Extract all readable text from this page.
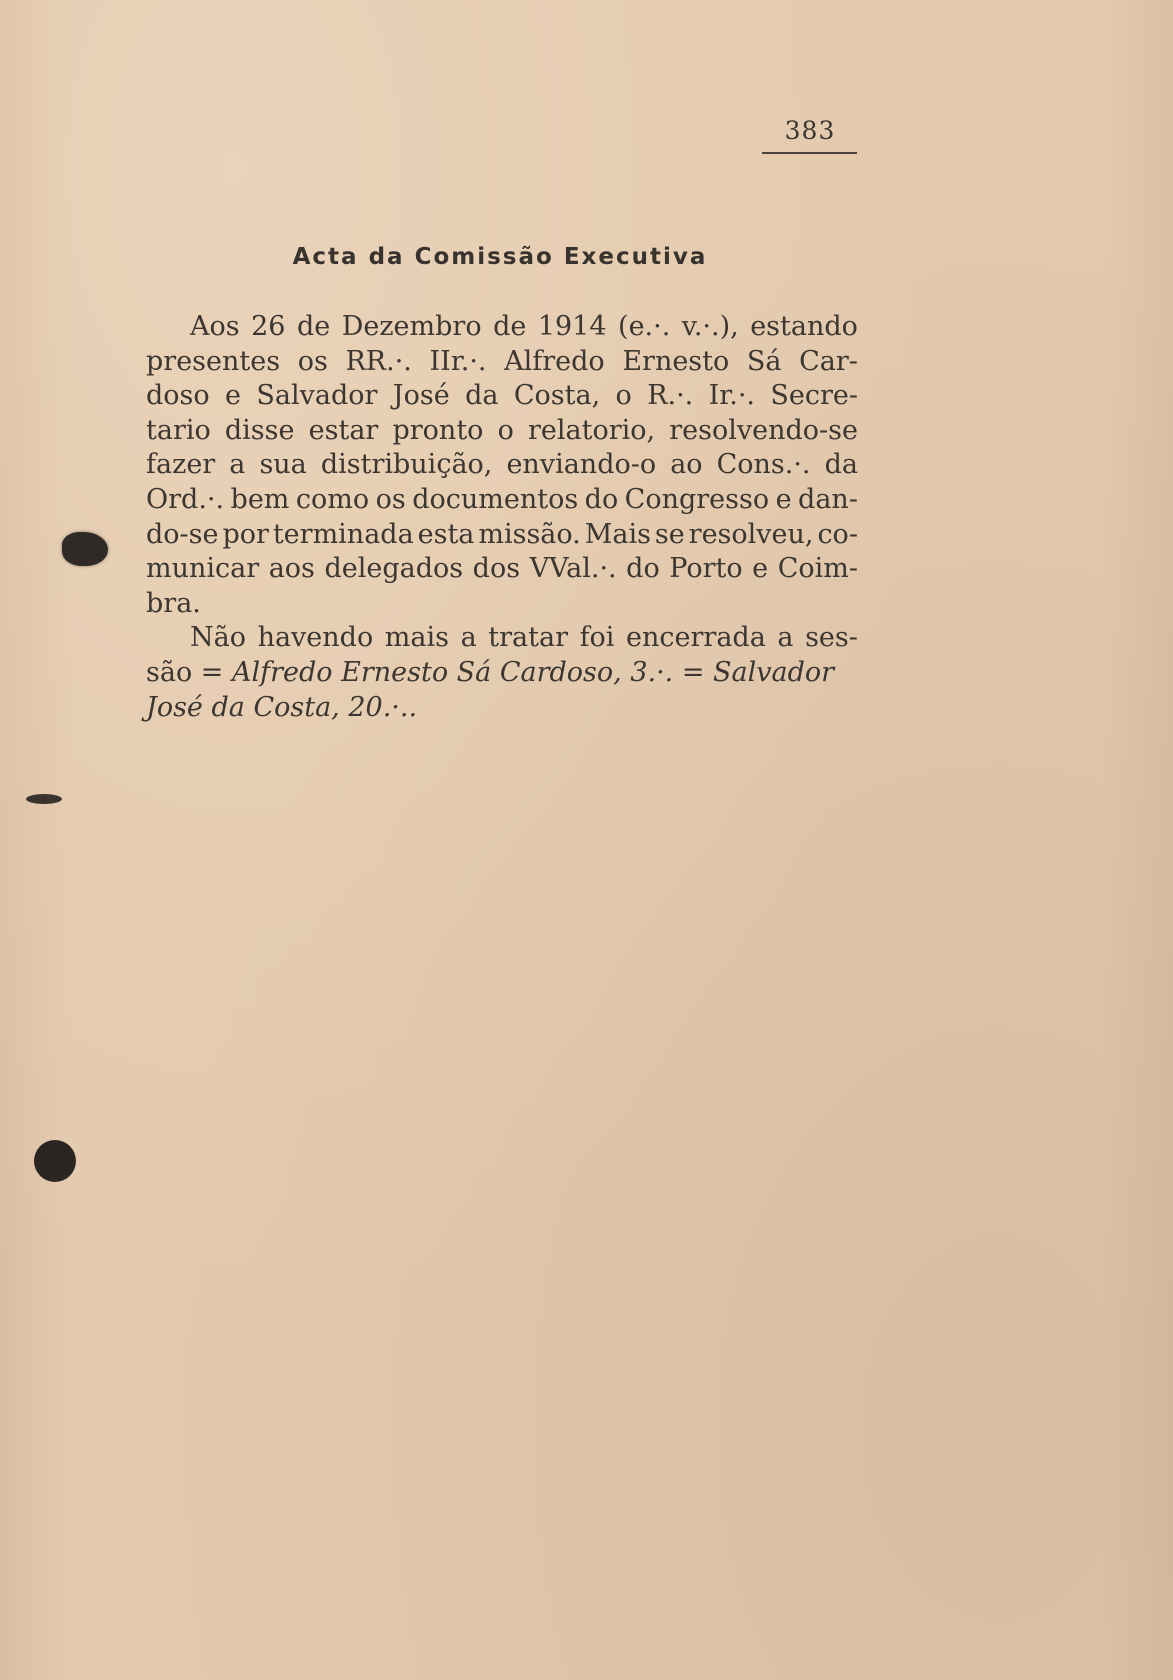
383
Acta da Comissão Executiva
Aos 26 de Dezembro de 1914 (e.·. v.·.), estando
presentes os RR.·. IIr.·. Alfredo Ernesto Sá Car-
doso e Salvador José da Costa, o R.·. Ir.·. Secre-
tario disse estar pronto o relatorio, resolvendo-se
fazer a sua distribuição, enviando-o ao Cons.·. da
Ord.·. bem como os documentos do Congresso e dan-
do-se por terminada esta missão. Mais se resolveu, co-
municar aos delegados dos VVal.·. do Porto e Coim-
bra.
Não havendo mais a tratar foi encerrada a ses-
são = Alfredo Ernesto Sá Cardoso, 3.·. = Salvador
José da Costa, 20.·..
